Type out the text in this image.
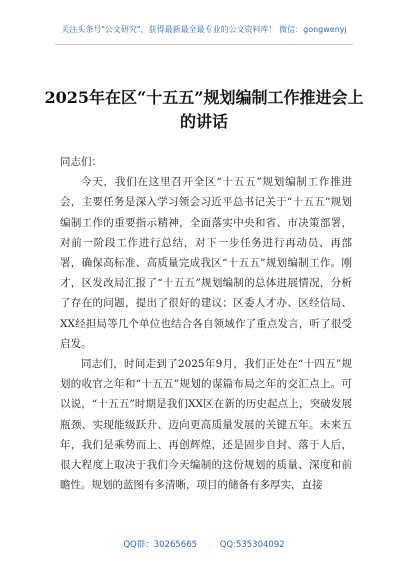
关注头条号"公文研究"，获得最新最全最专业的公文资料库！ 微信：gongwenyj
2025年在区“十五五”规划编制工作推进会上的讲话

同志们：

今天，我们在这里召开全区“十五五”规划编制工作推进会，主要任务是深入学习领会习近平总书记关于“十五五”规划编制工作的重要指示精神，全面落实中央和省、市决策部署，对前一阶段工作进行总结，对下一步任务进行再动员、再部署，确保高标准、高质量完成我区“十五五”规划编制工作。刚才，区发改局汇报了“十五五”规划编制的总体进展情况，分析了存在的问题，提出了很好的建议；区委人才办、区经信局、XX经担局等几个单位也结合各自领域作了重点发言，听了很受启发。

同志们，时间走到了2025年9月，我们正处在“十四五”规划的收官之年和“十五五”规划的谋篇布局之年的交汇点上。可以说，“十五五”时期是我们XX区在新的历史起点上，突破发展瓶颈、实现能级跃升、迈向更高质量发展的关键五年。未来五年，我们是乘势而上、再创辉煌，还是固步自封、落于人后，很大程度上取决于我们今天编制的这份规划的质量、深度和前瞻性。规划的蓝图有多清晰，项目的储备有多厚实，直接

QQ群：30265665	QQ:535304092
